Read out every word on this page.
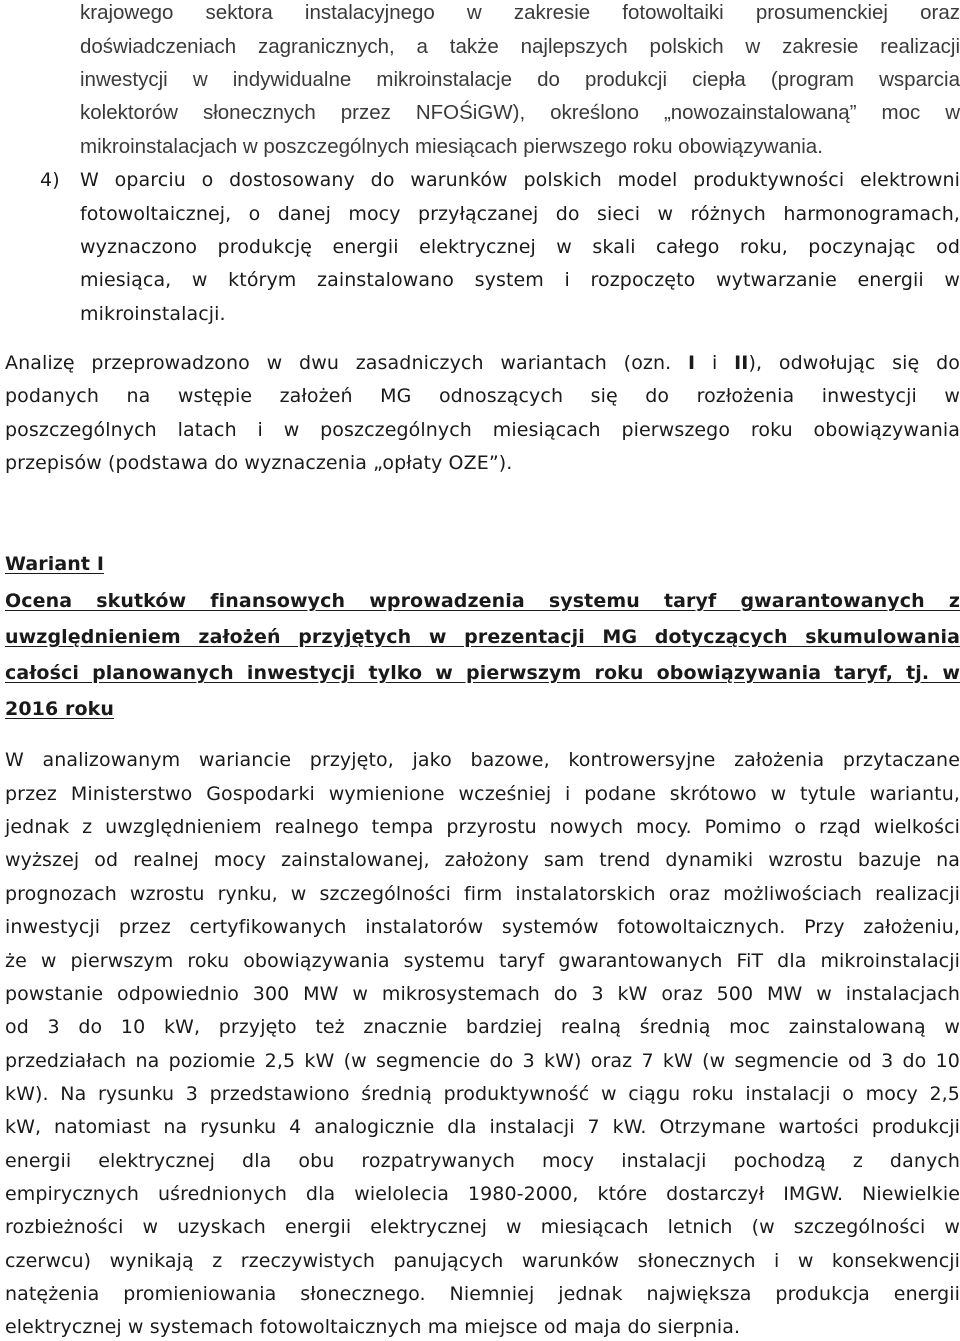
krajowego sektora instalacyjnego w zakresie fotowoltaiki prosumenckiej oraz
doświadczeniach zagranicznych, a także najlepszych polskich w zakresie realizacji
inwestycji w indywidualne mikroinstalacje do produkcji ciepła (program wsparcia
kolektorów słonecznych przez NFOŚiGW), określono „nowozainstalowaną” moc w
mikroinstalacjach w poszczególnych miesiącach pierwszego roku obowiązywania.
4) W oparciu o dostosowany do warunków polskich model produktywności elektrowni
fotowoltaicznej, o danej mocy przyłączanej do sieci w różnych harmonogramach,
wyznaczono produkcję energii elektrycznej w skali całego roku, poczynając od
miesiąca, w którym zainstalowano system i rozpoczęto wytwarzanie energii w
mikroinstalacji.
Analizę przeprowadzono w dwu zasadniczych wariantach (ozn. I i II), odwołując się do
podanych na wstępie założeń MG odnoszących się do rozłożenia inwestycji w
poszczególnych latach i w poszczególnych miesiącach pierwszego roku obowiązywania
przepisów (podstawa do wyznaczenia „opłaty OZE”).
Wariant I
Ocena skutków finansowych wprowadzenia systemu taryf gwarantowanych z
uwzględnieniem założeń przyjętych w prezentacji MG dotyczących skumulowania
całości planowanych inwestycji tylko w pierwszym roku obowiązywania taryf, tj. w
2016 roku
W analizowanym wariancie przyjęto, jako bazowe, kontrowersyjne założenia przytaczane
przez Ministerstwo Gospodarki wymienione wcześniej i podane skrótowo w tytule wariantu,
jednak z uwzględnieniem realnego tempa przyrostu nowych mocy. Pomimo o rząd wielkości
wyższej od realnej mocy zainstalowanej, założony sam trend dynamiki wzrostu bazuje na
prognozach wzrostu rynku, w szczególności firm instalatorskich oraz możliwościach realizacji
inwestycji przez certyfikowanych instalatorów systemów fotowoltaicznych. Przy założeniu,
że w pierwszym roku obowiązywania systemu taryf gwarantowanych FiT dla mikroinstalacji
powstanie odpowiednio 300 MW w mikrosystemach do 3 kW oraz 500 MW w instalacjach
od 3 do 10 kW, przyjęto też znacznie bardziej realną średnią moc zainstalowaną w
przedziałach na poziomie 2,5 kW (w segmencie do 3 kW) oraz 7 kW (w segmencie od 3 do 10
kW). Na rysunku 3 przedstawiono średnią produktywność w ciągu roku instalacji o mocy 2,5
kW, natomiast na rysunku 4 analogicznie dla instalacji 7 kW. Otrzymane wartości produkcji
energii elektrycznej dla obu rozpatrywanych mocy instalacji pochodzą z danych
empirycznych uśrednionych dla wielolecia 1980-2000, które dostarczył IMGW. Niewielkie
rozbieżności w uzyskach energii elektrycznej w miesiącach letnich (w szczególności w
czerwcu) wynikają z rzeczywistych panujących warunków słonecznych i w konsekwencji
natężenia promieniowania słonecznego. Niemniej jednak największa produkcja energii
elektrycznej w systemach fotowoltaicznych ma miejsce od maja do sierpnia.
